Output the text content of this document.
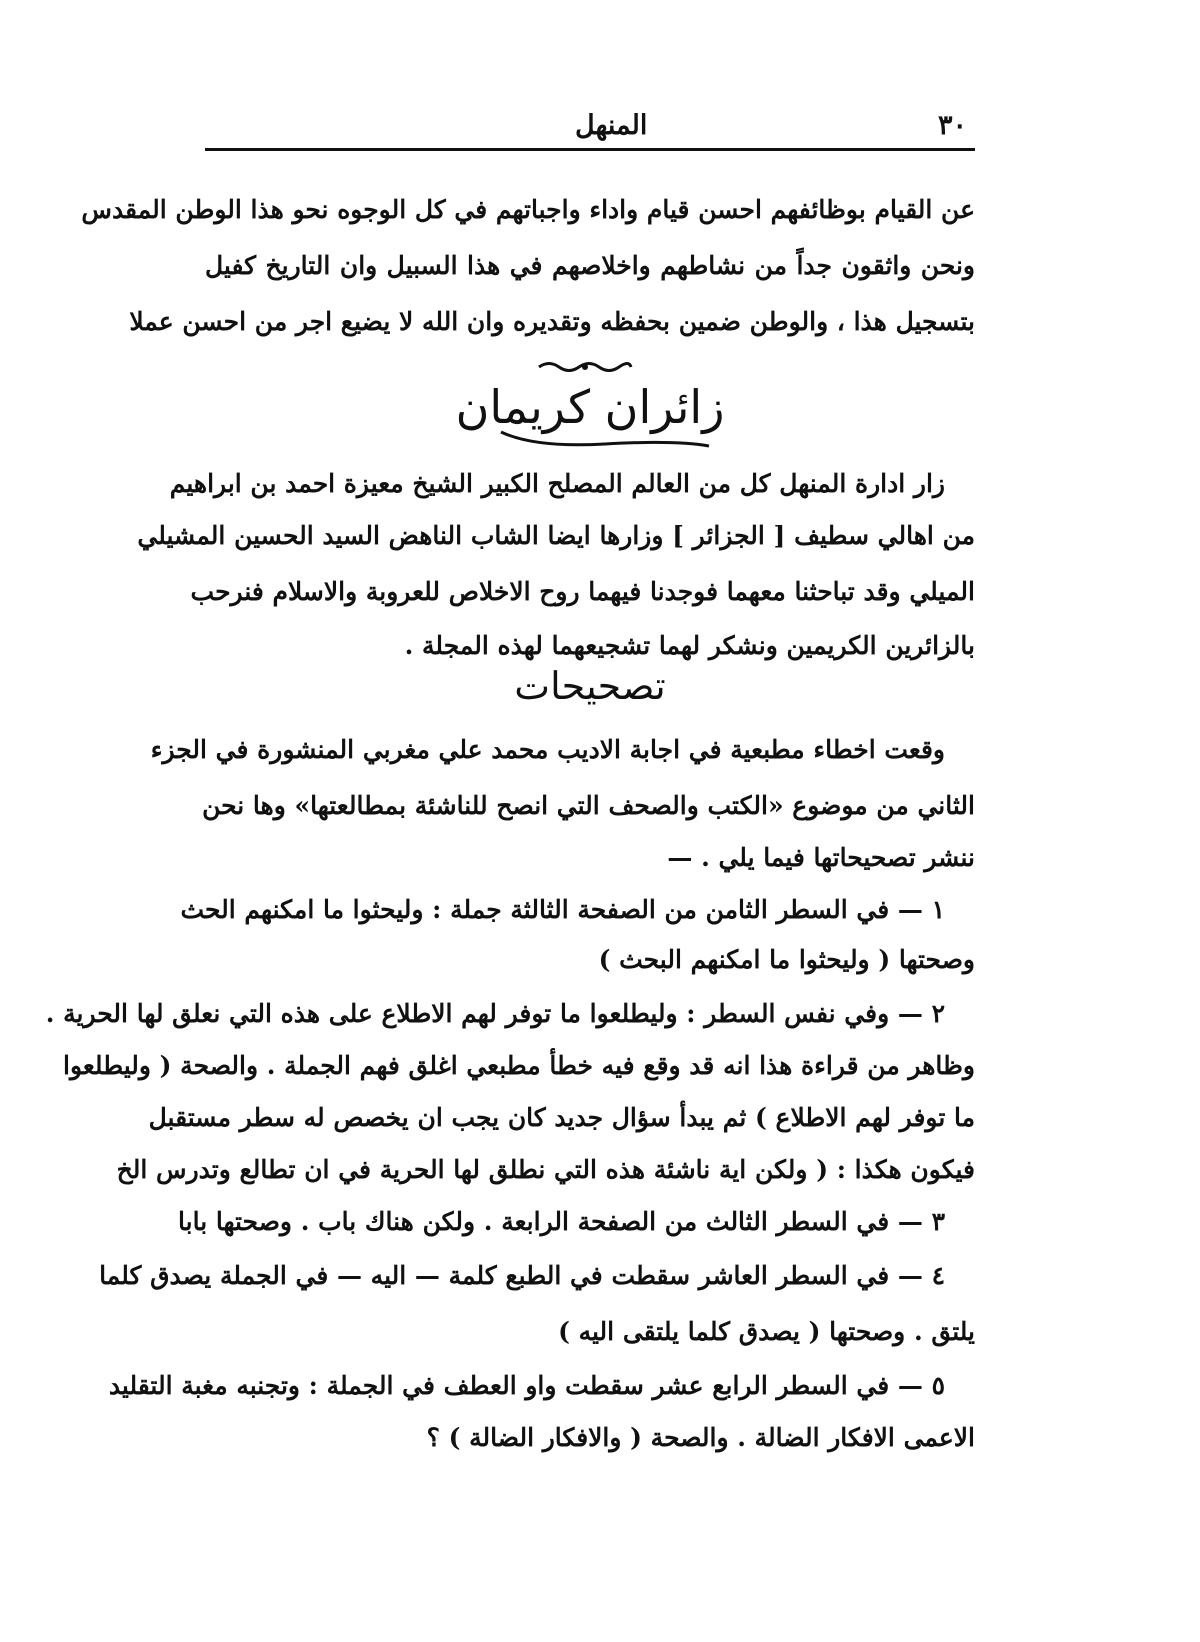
٣٠
المنهل
عن القيام بوظائفهم احسن قيام واداء واجباتهم في كل الوجوه نحو هذا الوطن المقدس
ونحن واثقون جداً من نشاطهم واخلاصهم في هذا السبيل وان التاريخ كفيل
بتسجيل هذا ، والوطن ضمين بحفظه وتقديره وان الله لا يضيع اجر من احسن عملا
زائران كريمان
زار ادارة المنهل كل من العالم المصلح الكبير الشيخ معيزة احمد بن ابراهيم
من اهالي سطيف [ الجزائر ] وزارها ايضا الشاب الناهض السيد الحسين المشيلي
الميلي وقد تباحثنا معهما فوجدنا فيهما روح الاخلاص للعروبة والاسلام فنرحب
بالزائرين الكريمين ونشكر لهما تشجيعهما لهذه المجلة .
تصحيحات
وقعت اخطاء مطبعية في اجابة الاديب محمد علي مغربي المنشورة في الجزء
الثاني من موضوع «الكتب والصحف التي انصح للناشئة بمطالعتها» وها نحن
ننشر تصحيحاتها فيما يلي . —
١ — في السطر الثامن من الصفحة الثالثة جملة : وليحثوا ما امكنهم الحث
وصحتها ( وليحثوا ما امكنهم البحث )
٢ — وفي نفس السطر : وليطلعوا ما توفر لهم الاطلاع على هذه التي نعلق لها الحرية .
وظاهر من قراءة هذا انه قد وقع فيه خطأ مطبعي اغلق فهم الجملة . والصحة ( وليطلعوا
ما توفر لهم الاطلاع ) ثم يبدأ سؤال جديد كان يجب ان يخصص له سطر مستقبل
فيكون هكذا : ( ولكن اية ناشئة هذه التي نطلق لها الحرية في ان تطالع وتدرس الخ
٣ — في السطر الثالث من الصفحة الرابعة . ولكن هناك باب . وصحتها بابا
٤ — في السطر العاشر سقطت في الطبع كلمة — اليه — في الجملة يصدق كلما
يلتق . وصحتها ( يصدق كلما يلتقى اليه )
٥ — في السطر الرابع عشر سقطت واو العطف في الجملة : وتجنبه مغبة التقليد
الاعمى الافكار الضالة . والصحة ( والافكار الضالة ) ؟
